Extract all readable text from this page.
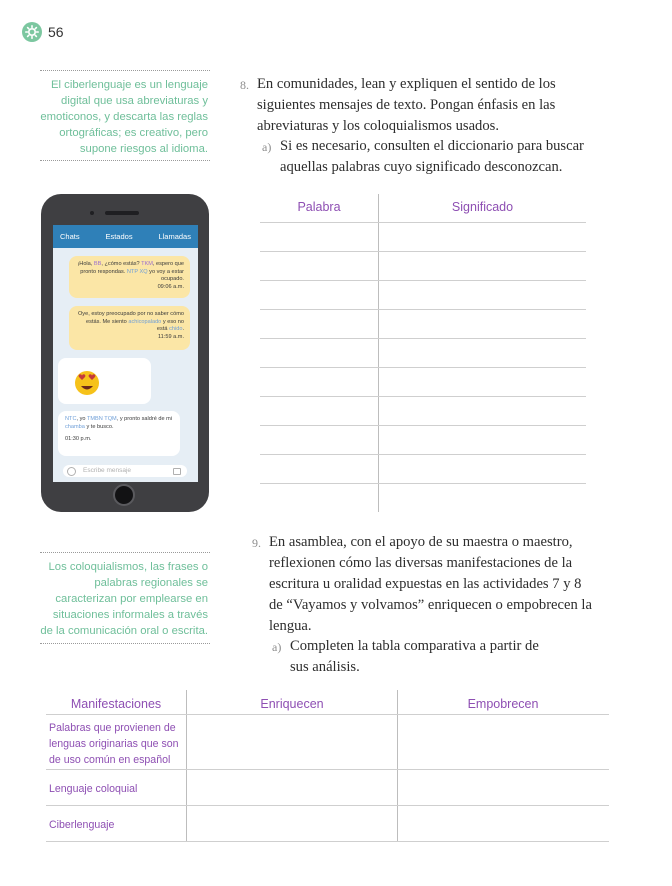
56
El ciberlenguaje es un lenguaje digital que usa abreviaturas y emoticonos, y descarta las reglas ortográficas; es creativo, pero supone riesgos al idioma.
Los coloquialismos, las frases o palabras regionales se caracterizan por emplearse en situaciones informales a través de la comunicación oral o escrita.
Chats	Estados	Llamadas
¡Hola, BB, ¿cómo estás? TKM, espero que pronto respondas. NTP XQ yo voy a estar ocupado.
09:06 a.m.
Oye, estoy preocupado por no saber cómo estás. Me siento achicopalado y eso no está chido.
11:59 a.m.
NTC, yo TMBN TQM, y pronto saldré de mi chamba y te busco.
01:30 p.m.
Escribe mensaje
8. En comunidades, lean y expliquen el sentido de los siguientes mensajes de texto. Pongan énfasis en las abreviaturas y los coloquialismos usados.
a) Si es necesario, consulten el diccionario para buscar aquellas palabras cuyo significado desconozcan.
Palabra	Significado
9. En asamblea, con el apoyo de su maestra o maestro, reflexionen cómo las diversas manifestaciones de la escritura u oralidad expuestas en las actividades 7 y 8 de “Vayamos y volvamos” enriquecen o empobrecen la lengua.
a) Completen la tabla comparativa a partir de sus análisis.
Manifestaciones	Enriquecen	Empobrecen
Palabras que provienen de lenguas originarias que son de uso común en español
Lenguaje coloquial
Ciberlenguaje
